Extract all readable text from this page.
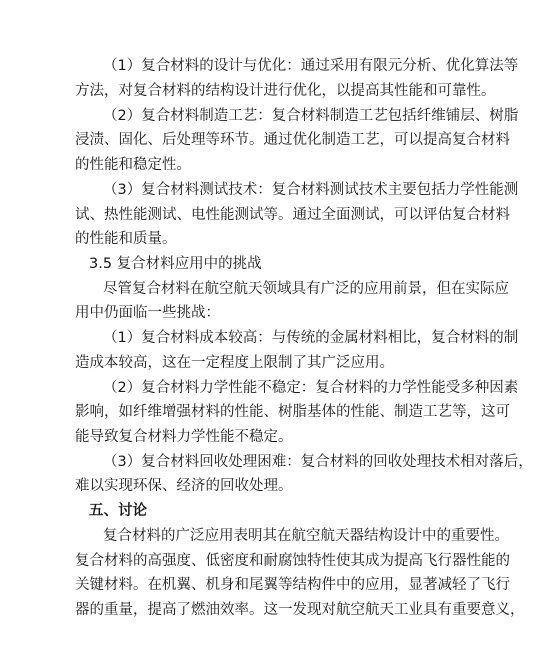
（1）复合材料的设计与优化：通过采用有限元分析、优化算法等
方法，对复合材料的结构设计进行优化，以提高其性能和可靠性。
（2）复合材料制造工艺：复合材料制造工艺包括纤维铺层、树脂
浸渍、固化、后处理等环节。通过优化制造工艺，可以提高复合材料
的性能和稳定性。
（3）复合材料测试技术：复合材料测试技术主要包括力学性能测
试、热性能测试、电性能测试等。通过全面测试，可以评估复合材料
的性能和质量。
3.5 复合材料应用中的挑战
尽管复合材料在航空航天领域具有广泛的应用前景，但在实际应
用中仍面临一些挑战：
（1）复合材料成本较高：与传统的金属材料相比，复合材料的制
造成本较高，这在一定程度上限制了其广泛应用。
（2）复合材料力学性能不稳定：复合材料的力学性能受多种因素
影响，如纤维增强材料的性能、树脂基体的性能、制造工艺等，这可
能导致复合材料力学性能不稳定。
（3）复合材料回收处理困难：复合材料的回收处理技术相对落后，
难以实现环保、经济的回收处理。
五、讨论
复合材料的广泛应用表明其在航空航天器结构设计中的重要性。
复合材料的高强度、低密度和耐腐蚀特性使其成为提高飞行器性能的
关键材料。在机翼、机身和尾翼等结构件中的应用，显著减轻了飞行
器的重量，提高了燃油效率。这一发现对航空航天工业具有重要意义，
